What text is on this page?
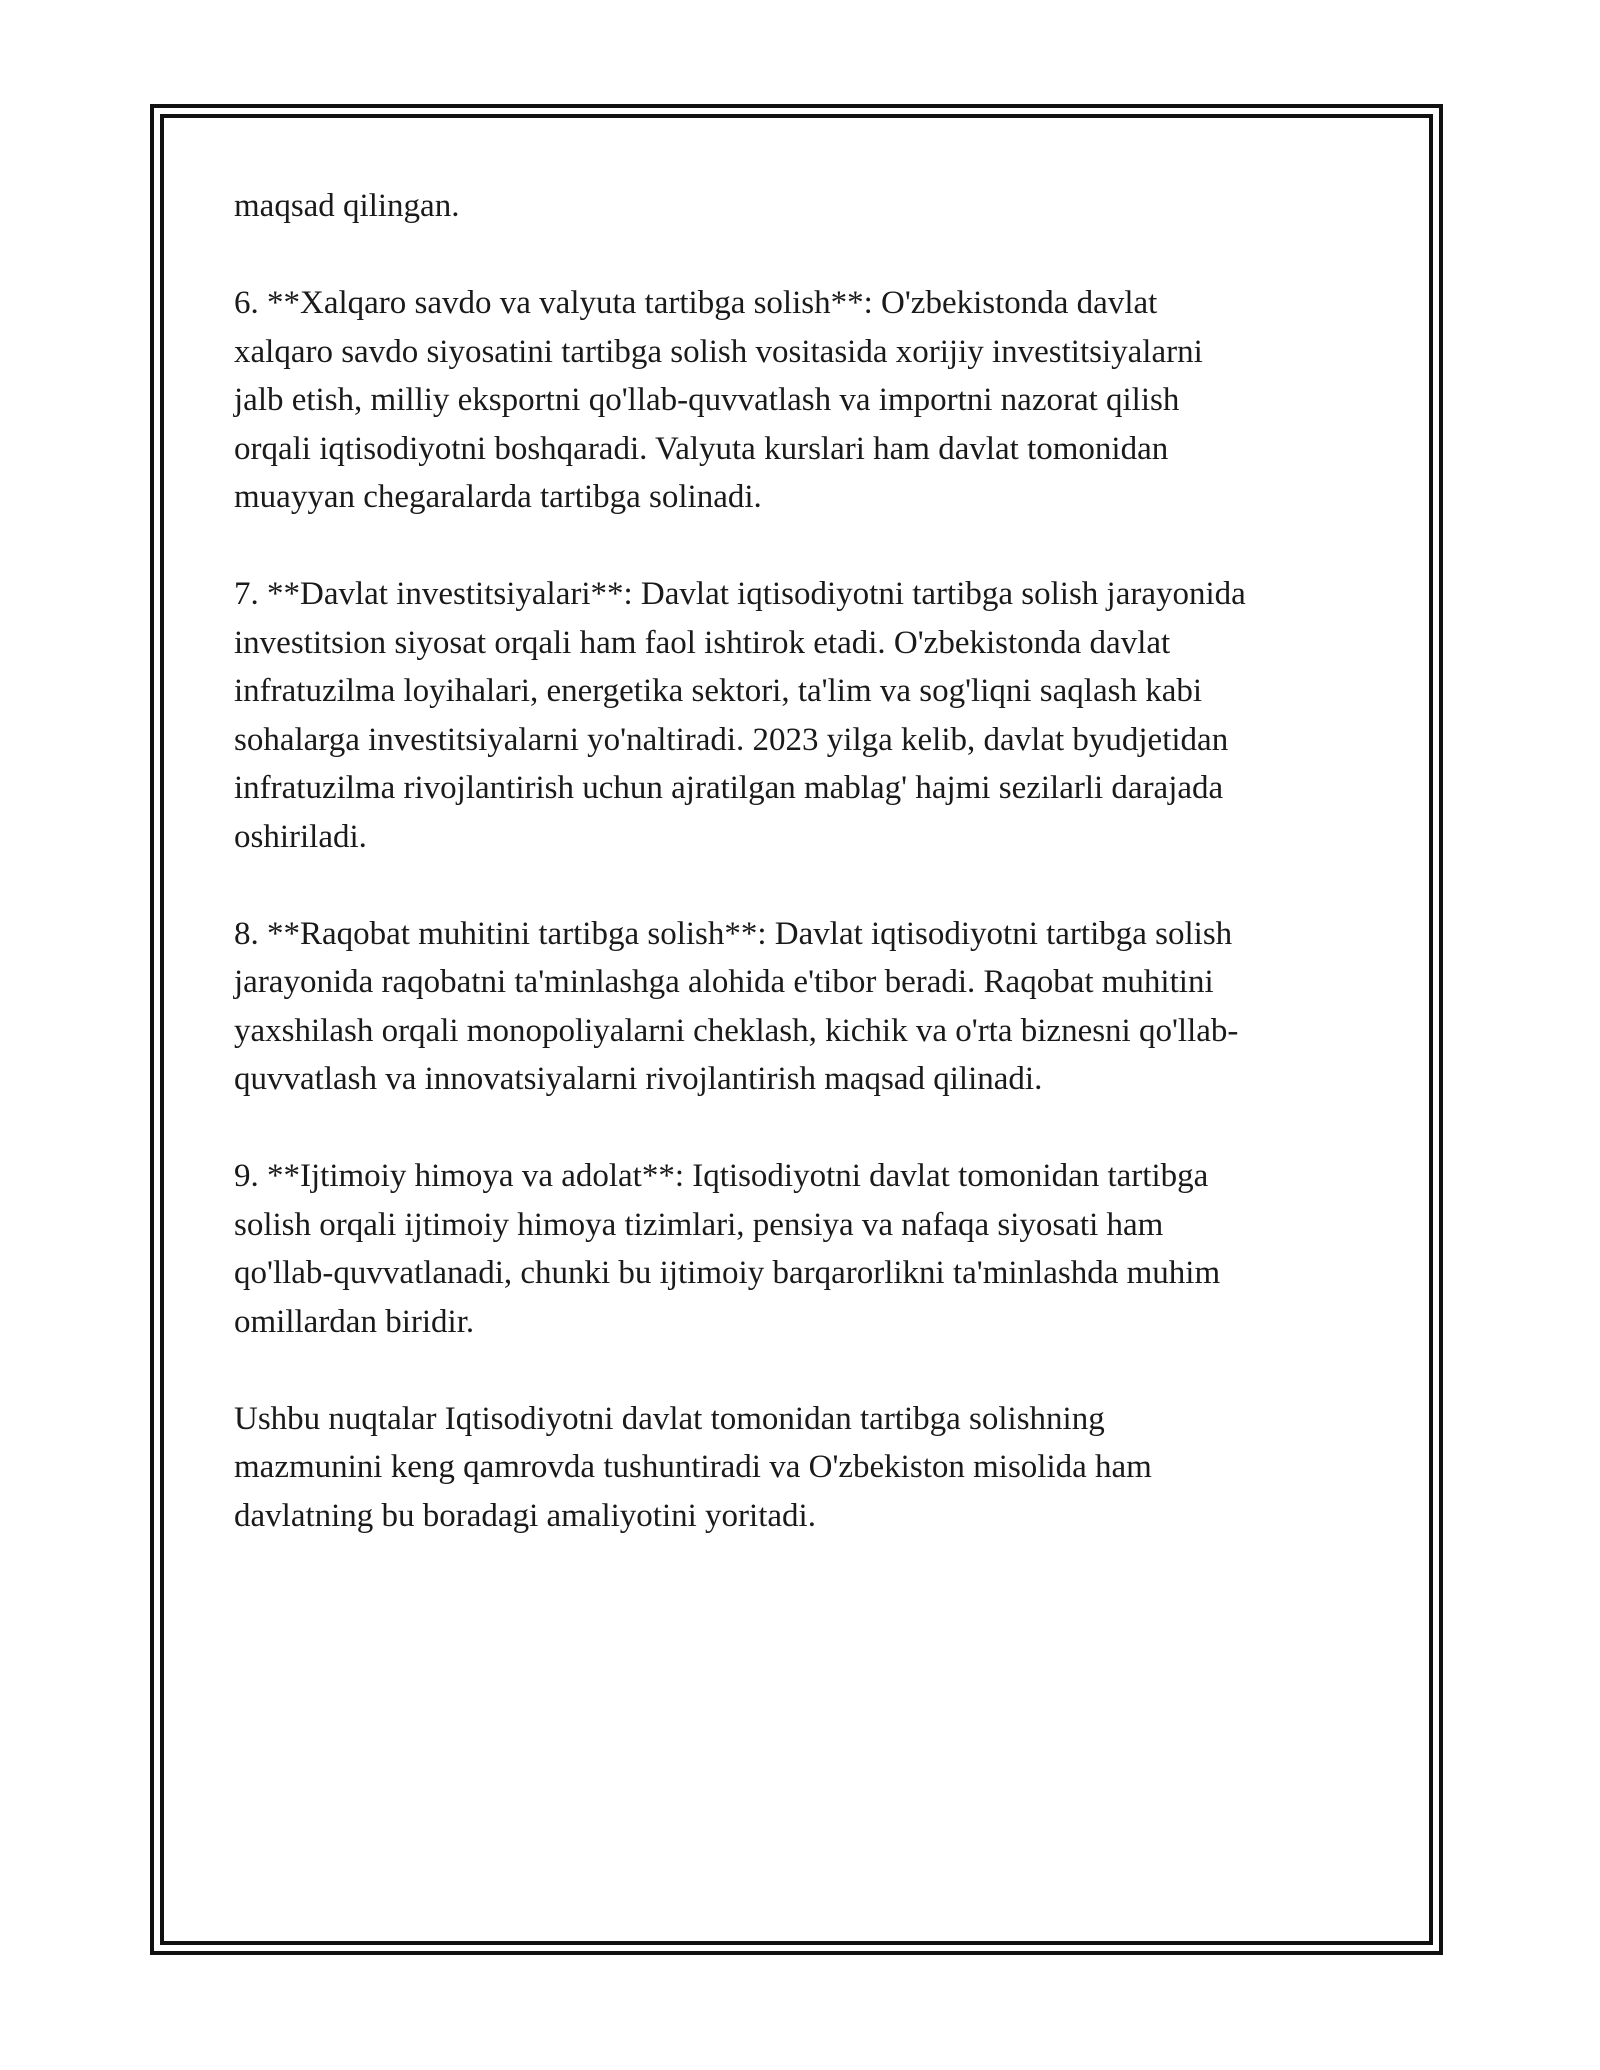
maqsad qilingan.

6. **Xalqaro savdo va valyuta tartibga solish**: O'zbekistonda davlat
xalqaro savdo siyosatini tartibga solish vositasida xorijiy investitsiyalarni
jalb etish, milliy eksportni qo'llab-quvvatlash va importni nazorat qilish
orqali iqtisodiyotni boshqaradi. Valyuta kurslari ham davlat tomonidan
muayyan chegaralarda tartibga solinadi.

7. **Davlat investitsiyalari**: Davlat iqtisodiyotni tartibga solish jarayonida
investitsion siyosat orqali ham faol ishtirok etadi. O'zbekistonda davlat
infratuzilma loyihalari, energetika sektori, ta'lim va sog'liqni saqlash kabi
sohalarga investitsiyalarni yo'naltiradi. 2023 yilga kelib, davlat byudjetidan
infratuzilma rivojlantirish uchun ajratilgan mablag' hajmi sezilarli darajada
oshiriladi.

8. **Raqobat muhitini tartibga solish**: Davlat iqtisodiyotni tartibga solish
jarayonida raqobatni ta'minlashga alohida e'tibor beradi. Raqobat muhitini
yaxshilash orqali monopoliyalarni cheklash, kichik va o'rta biznesni qo'llab-
quvvatlash va innovatsiyalarni rivojlantirish maqsad qilinadi.

9. **Ijtimoiy himoya va adolat**: Iqtisodiyotni davlat tomonidan tartibga
solish orqali ijtimoiy himoya tizimlari, pensiya va nafaqa siyosati ham
qo'llab-quvvatlanadi, chunki bu ijtimoiy barqarorlikni ta'minlashda muhim
omillardan biridir.

Ushbu nuqtalar Iqtisodiyotni davlat tomonidan tartibga solishning
mazmunini keng qamrovda tushuntiradi va O'zbekiston misolida ham
davlatning bu boradagi amaliyotini yoritadi.
